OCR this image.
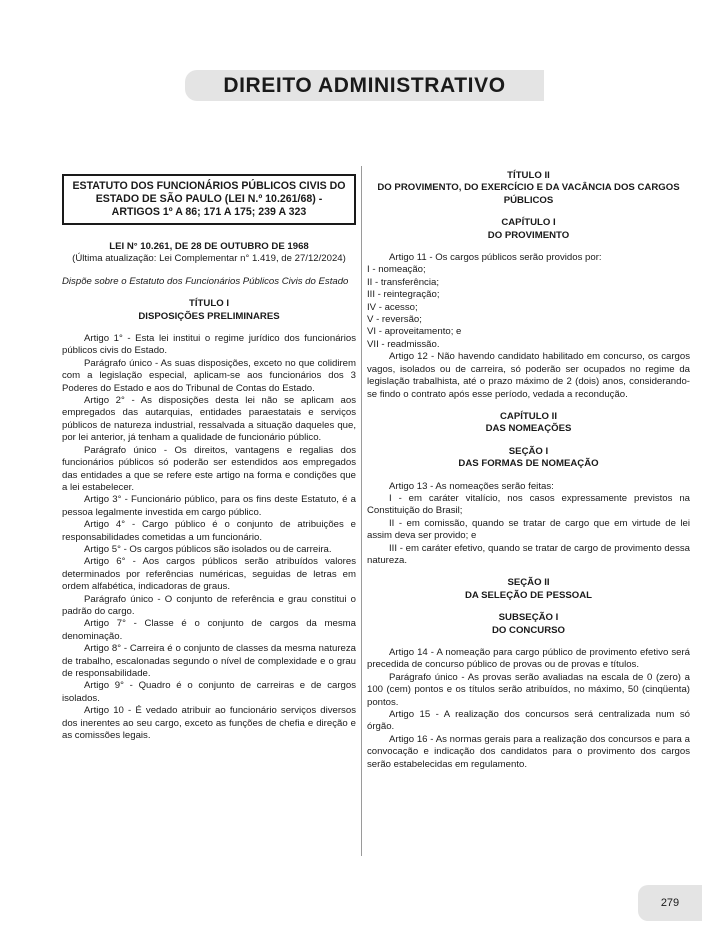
DIREITO ADMINISTRATIVO
ESTATUTO DOS FUNCIONÁRIOS PÚBLICOS CIVIS DO ESTADO DE SÃO PAULO (LEI N.º 10.261/68) - ARTIGOS 1º A 86; 171 A 175; 239 A 323

LEI N° 10.261, DE 28 DE OUTUBRO DE 1968

(Última atualização: Lei Complementar n° 1.419, de 27/12/2024)

Dispõe sobre o Estatuto dos Funcionários Públicos Civis do Estado

TÍTULO I

DISPOSIÇÕES PRELIMINARES

Artigo 1° - Esta lei institui o regime jurídico dos funcionários públicos civis do Estado.

Parágrafo único - As suas disposições, exceto no que colidirem com a legislação especial, aplicam-se aos funcionários dos 3 Poderes do Estado e aos do Tribunal de Contas do Estado.

Artigo 2° - As disposições desta lei não se aplicam aos empregados das autarquias, entidades paraestatais e serviços públicos de natureza industrial, ressalvada a situação daqueles que, por lei anterior, já tenham a qualidade de funcionário público.

Parágrafo único - Os direitos, vantagens e regalias dos funcionários públicos só poderão ser estendidos aos empregados das entidades a que se refere este artigo na forma e condições que a lei estabelecer.

Artigo 3° - Funcionário público, para os fins deste Estatuto, é a pessoa legalmente investida em cargo público.

Artigo 4° - Cargo público é o conjunto de atribuições e responsabilidades cometidas a um funcionário.

Artigo 5° - Os cargos públicos são isolados ou de carreira.

Artigo 6° - Aos cargos públicos serão atribuídos valores determinados por referências numéricas, seguidas de letras em ordem alfabética, indicadoras de graus.

Parágrafo único - O conjunto de referência e grau constitui o padrão do cargo.

Artigo 7° - Classe é o conjunto de cargos da mesma denominação.

Artigo 8° - Carreira é o conjunto de classes da mesma natureza de trabalho, escalonadas segundo o nível de complexidade e o grau de responsabilidade.

Artigo 9° - Quadro é o conjunto de carreiras e de cargos isolados.

Artigo 10 - É vedado atribuir ao funcionário serviços diversos dos inerentes ao seu cargo, exceto as funções de chefia e direção e as comissões legais.

TÍTULO II

DO PROVIMENTO, DO EXERCÍCIO E DA VACÂNCIA DOS CARGOS PÚBLICOS

CAPÍTULO I

DO PROVIMENTO

Artigo 11 - Os cargos públicos serão providos por:

I - nomeação;

II - transferência;

III - reintegração;

IV - acesso;

V - reversão;

VI - aproveitamento; e

VII - readmissão.

Artigo 12 - Não havendo candidato habilitado em concurso, os cargos vagos, isolados ou de carreira, só poderão ser ocupados no regime da legislação trabalhista, até o prazo máximo de 2 (dois) anos, considerando-se findo o contrato após esse período, vedada a recondução.

CAPÍTULO II

DAS NOMEAÇÕES

SEÇÃO I

DAS FORMAS DE NOMEAÇÃO

Artigo 13 - As nomeações serão feitas:

I - em caráter vitalício, nos casos expressamente previstos na Constituição do Brasil;

II - em comissão, quando se tratar de cargo que em virtude de lei assim deva ser provido; e

III - em caráter efetivo, quando se tratar de cargo de provimento dessa natureza.

SEÇÃO II

DA SELEÇÃO DE PESSOAL

SUBSEÇÃO I

DO CONCURSO

Artigo 14 - A nomeação para cargo público de provimento efetivo será precedida de concurso público de provas ou de provas e títulos.

Parágrafo único - As provas serão avaliadas na escala de 0 (zero) a 100 (cem) pontos e os títulos serão atribuídos, no máximo, 50 (cinqüenta) pontos.

Artigo 15 - A realização dos concursos será centralizada num só órgão.

Artigo 16 - As normas gerais para a realização dos concursos e para a convocação e indicação dos candidatos para o provimento dos cargos serão estabelecidas em regulamento.

279
